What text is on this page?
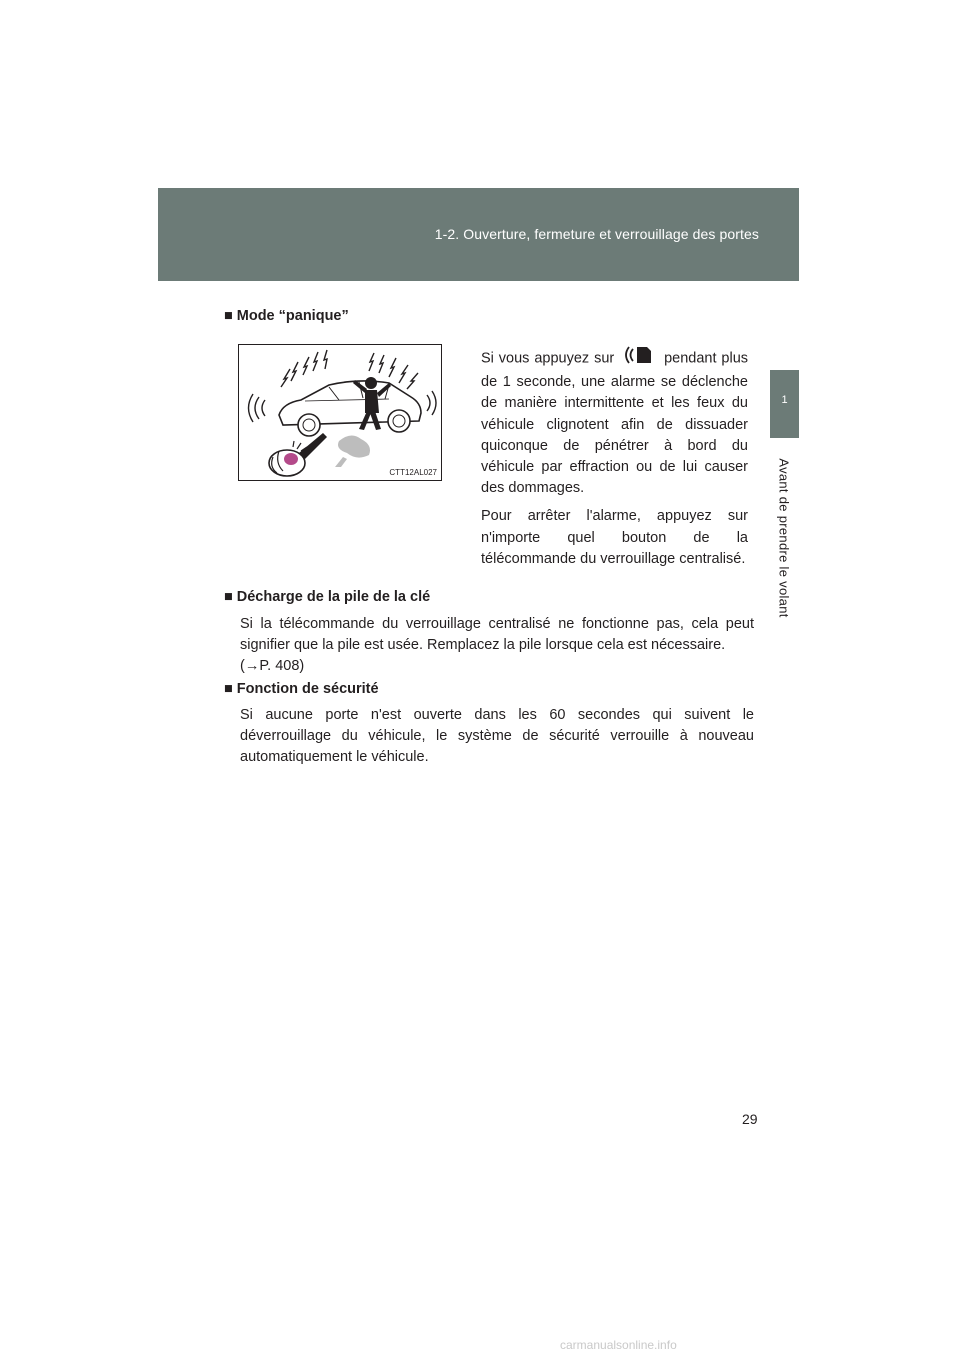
1-2. Ouverture, fermeture et verrouillage des portes
1
Avant de prendre le volant
■ Mode “panique”
CTT12AL027

Si vous appuyez sur	pendant plus de 1 seconde, une alarme se déclenche de manière intermittente et les feux du véhicule clignotent afin de dissuader quiconque de pénétrer à bord du véhicule par effraction ou de lui causer des dommages.

Pour arrêter l'alarme, appuyez sur n'importe quel bouton de la télécommande du verrouillage centralisé.

■ Décharge de la pile de la clé

Si la télécommande du verrouillage centralisé ne fonctionne pas, cela peut signifier que la pile est usée. Remplacez la pile lorsque cela est nécessaire.

(→P. 408)

■ Fonction de sécurité

Si aucune porte n'est ouverte dans les 60 secondes qui suivent le déverrouillage du véhicule, le système de sécurité verrouille à nouveau automatiquement le véhicule.

29
carmanualsonline.info
